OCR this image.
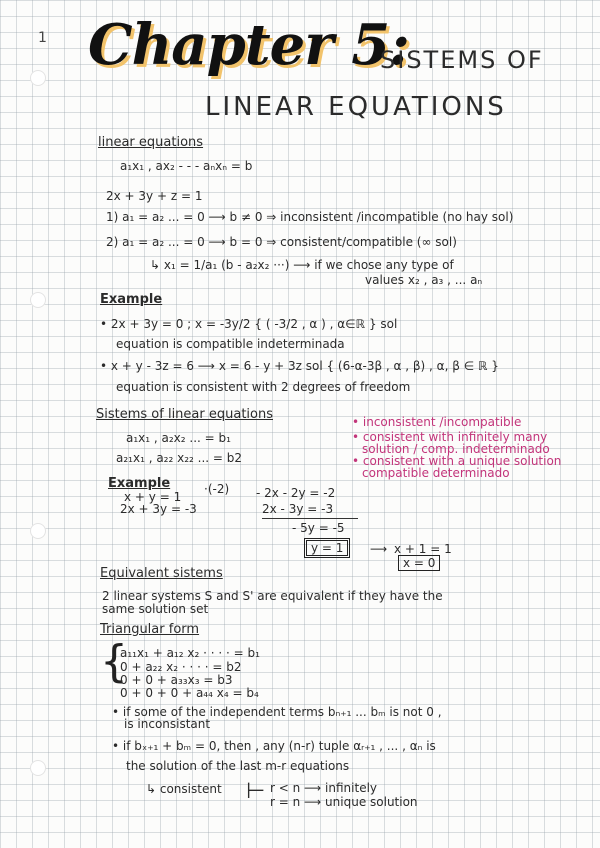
1 Chapter 5:
SISTEMS OF
LINEAR EQUATIONS
linear equations
a₁x₁ , ax₂ - - - aₙxₙ = b
2x + 3y + z = 1
1) a₁ = a₂ ... = 0 ⟶ b ≠ 0 ⇒ inconsistent /incompatible (no hay sol)
2) a₁ = a₂ ... = 0 ⟶ b = 0 ⇒ consistent/compatible (∞ sol)
↳ x₁ = 1/a₁ (b - a₂x₂ ···) ⟶ if we chose any type of
values x₂ , a₃ , ... aₙ
Example
• 2x + 3y = 0 ; x = -3y/2 { ( -3/2 , α ) , α∈ℝ } sol
equation is compatible indeterminada
• x + y - 3z = 6 ⟶ x = 6 - y + 3z sol { (6-α-3β , α , β) , α, β ∈ ℝ }
equation is consistent with 2 degrees of freedom
Sistems of linear equations
a₁x₁ , a₂x₂ ... = b₁
a₂₁x₁ , a₂₂ x₂₂ ... = b2
• inconsistent /incompatible
• consistent with infinitely many
solution / comp. indeterminado
• consistent with a unique solution
compatible determinado
Example
x + y = 1
2x + 3y = -3
·(-2) - 2x - 2y = -2
2x - 3y = -3
- 5y = -5
y = 1	⟶ x + 1 = 1
x = 0
Equivalent sistems
2 linear systems S and S' are equivalent if they have the
same solution set
Triangular form
{
a₁₁x₁ + a₁₂ x₂ · · · · = b₁
0 + a₂₂ x₂ · · · · = b2
0 + 0 + a₃₃x₃ = b3
0 + 0 + 0 + a₄₄ x₄ = b₄
• if some of the independent terms bₙ₊₁ ... bₘ is not 0 ,
is inconsistant
• if bₓ₊₁ + bₘ = 0, then , any (n-r) tuple αᵣ₊₁ , ... , αₙ is
the solution of the last m-r equations
↳ consistent ⊢ r < n ⟶ infinitely
r = n ⟶ unique solution
